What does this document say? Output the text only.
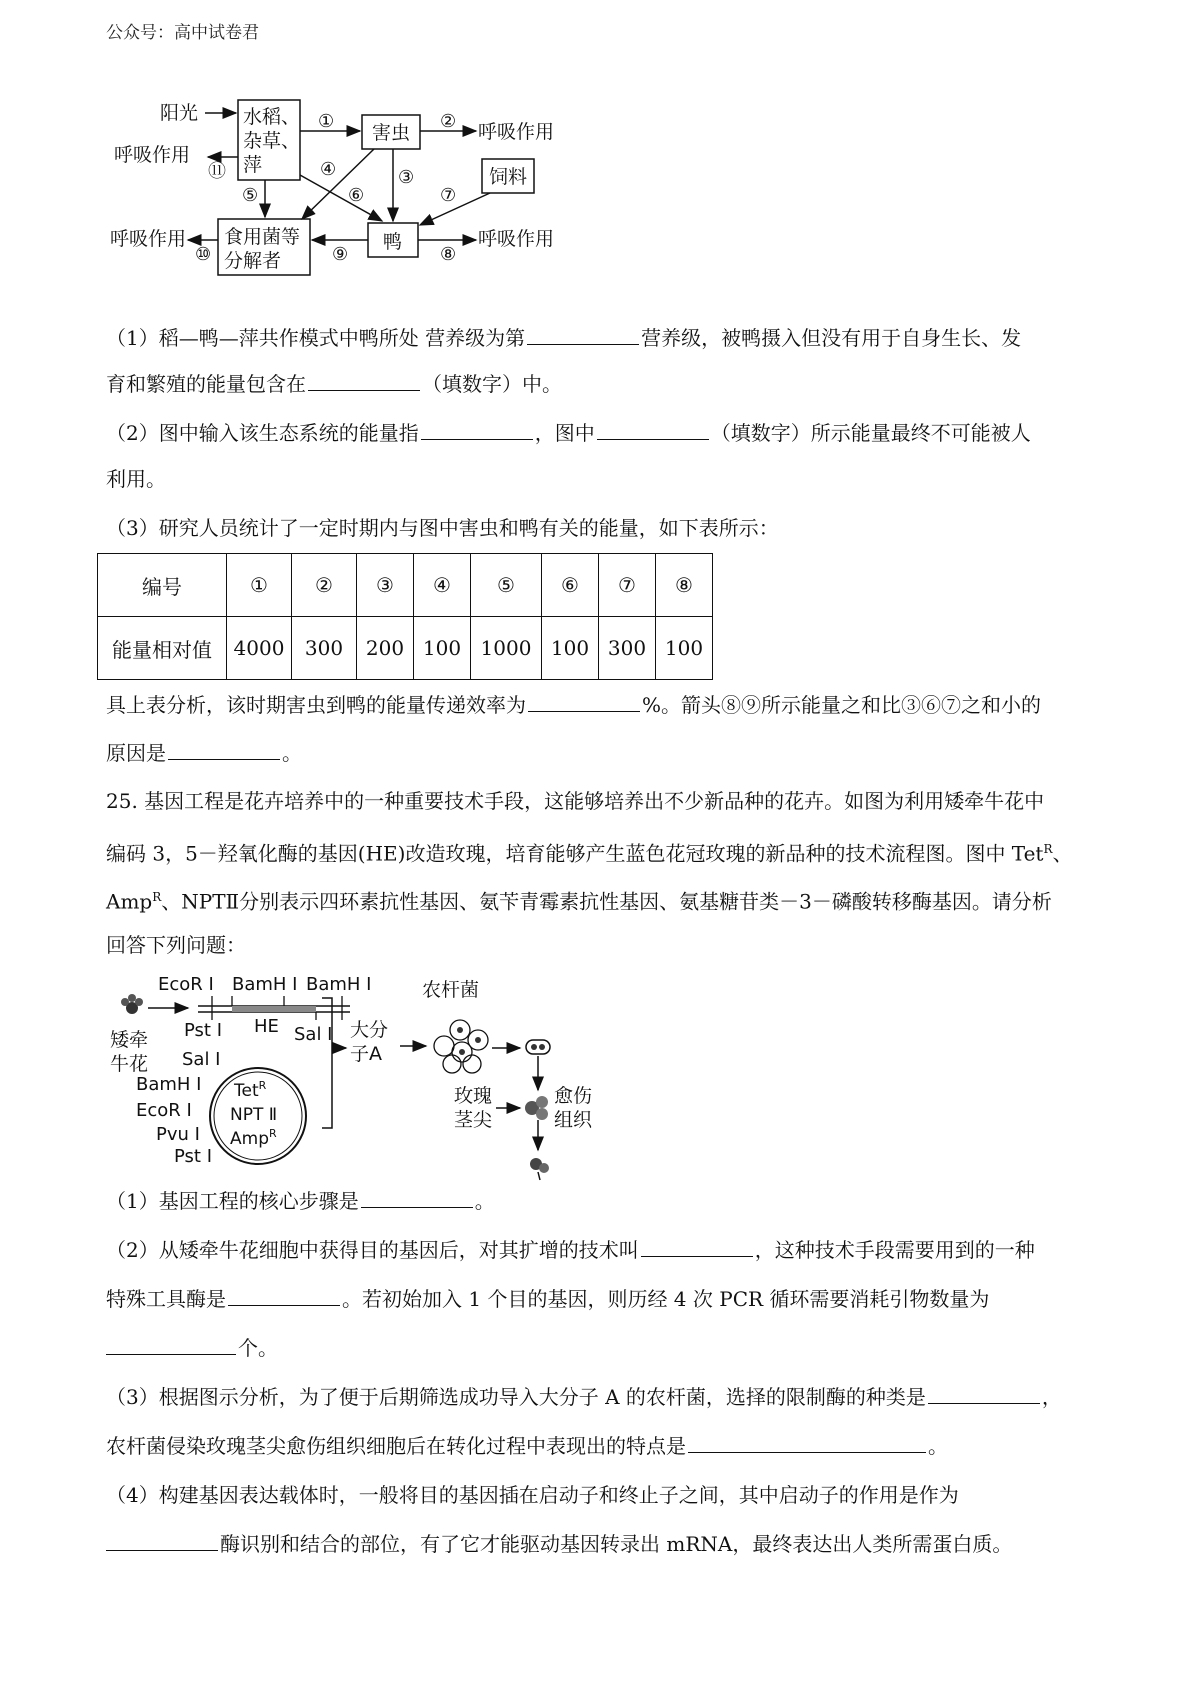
公众号：高中试卷君
阳光 水稻、
杂草、
萍
害虫
饲料
鸭
食用菌等
分解者
呼吸作用
呼吸作用
呼吸作用
呼吸作用
①	②
③
④
⑤	⑥	⑦
⑧
⑨
⑩
⑪
（1）稻—鸭—萍共作模式中鸭所处 营养级为第	营养级，被鸭摄入但没有用于自身生长、发
育和繁殖的能量包含在	（填数字）中。
（2）图中输入该生态系统的能量指	，图中	（填数字）所示能量最终不可能被人
利用。
（3）研究人员统计了一定时期内与图中害虫和鸭有关的能量，如下表所示：
编号	①	②	③	④	⑤	⑥	⑦	⑧
能量相对值	4000	300	200	100	1000	100	300	100
具上表分析，该时期害虫到鸭的能量传递效率为	%。箭头⑧⑨所示能量之和比③⑥⑦之和小的
原因是	。
25. 基因工程是花卉培养中的一种重要技术手段，这能够培养出不少新品种的花卉。如图为利用矮牵牛花中
编码 3，5－羟氧化酶的基因(HE)改造玫瑰，培育能够产生蓝色花冠玫瑰的新品种的技术流程图。图中 Tet$^R$、
Amp$^R$、NPTⅡ分别表示四环素抗性基因、氨苄青霉素抗性基因、氨基糖苷类－3－磷酸转移酶基因。请分析
回答下列问题：
矮牵
牛花
EcoR Ⅰ BamH Ⅰ BamH Ⅰ
Pst Ⅰ HE Sal Ⅰ
Sal Ⅰ
BamH Ⅰ
EcoR Ⅰ
Pvu Ⅰ
Pst Ⅰ
Tet$^R$
NPT Ⅱ
Amp$^R$
大分
子A
农杆菌
玫瑰
茎尖
愈伤
组织
（1）基因工程的核心步骤是	。
（2）从矮牵牛花细胞中获得目的基因后，对其扩增的技术叫	，这种技术手段需要用到的一种
特殊工具酶是	。若初始加入 1 个目的基因，则历经 4 次 PCR 循环需要消耗引物数量为
个。
（3）根据图示分析，为了便于后期筛选成功导入大分子 A 的农杆菌，选择的限制酶的种类是	，
农杆菌侵染玫瑰茎尖愈伤组织细胞后在转化过程中表现出的特点是	。
（4）构建基因表达载体时，一般将目的基因插在启动子和终止子之间，其中启动子的作用是作为
酶识别和结合的部位，有了它才能驱动基因转录出 mRNA，最终表达出人类所需蛋白质。
